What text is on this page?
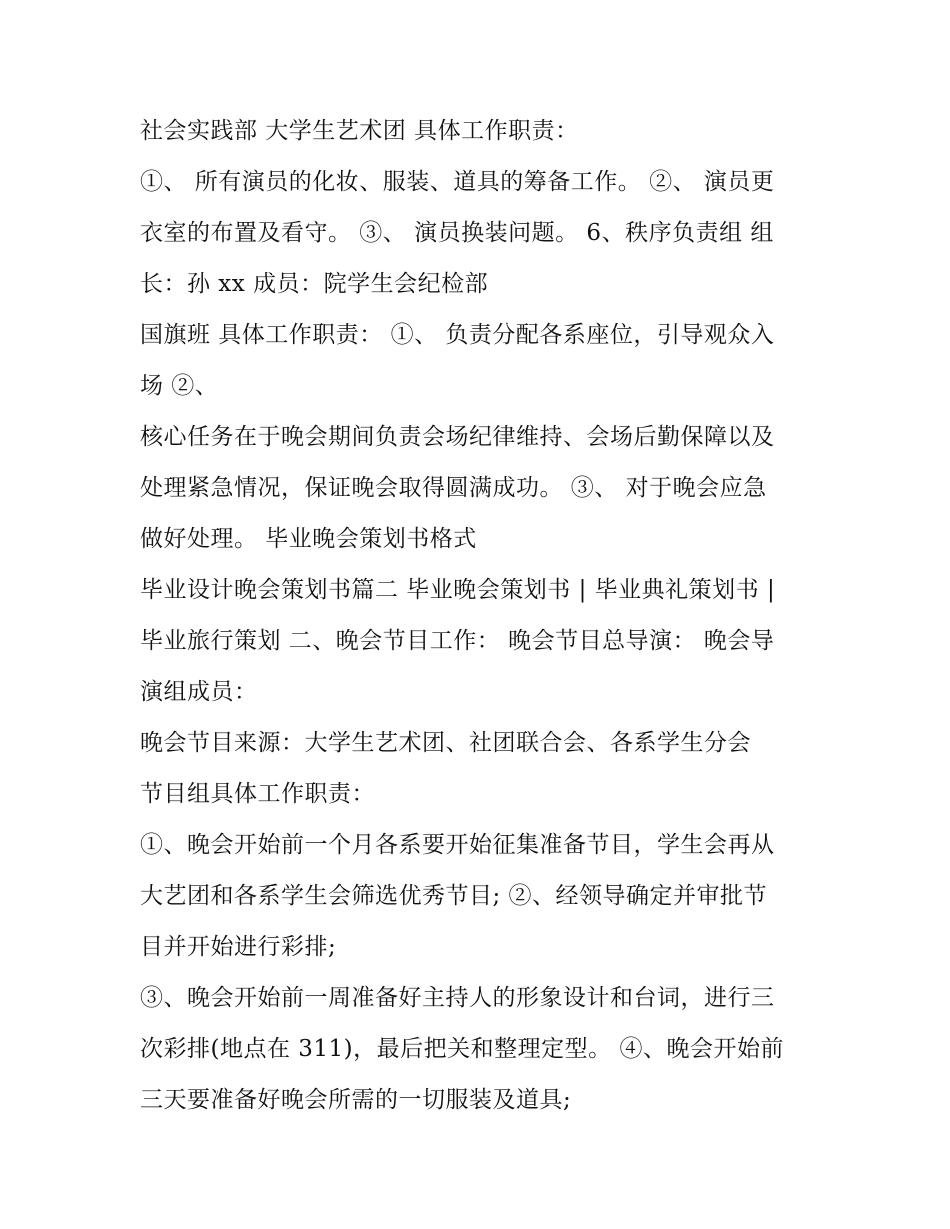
社会实践部 大学生艺术团 具体工作职责：
①、 所有演员的化妆、服装、道具的筹备工作。 ②、 演员更
衣室的布置及看守。 ③、 演员换装问题。 6、秩序负责组 组
长：孙 xx 成员：院学生会纪检部
国旗班 具体工作职责： ①、 负责分配各系座位，引导观众入
场 ②、
核心任务在于晚会期间负责会场纪律维持、会场后勤保障以及
处理紧急情况，保证晚会取得圆满成功。 ③、 对于晚会应急
做好处理。 毕业晚会策划书格式
毕业设计晚会策划书篇二 毕业晚会策划书 | 毕业典礼策划书 |
毕业旅行策划 二、晚会节目工作： 晚会节目总导演： 晚会导
演组成员：
晚会节目来源：大学生艺术团、社团联合会、各系学生分会
节目组具体工作职责：
①、晚会开始前一个月各系要开始征集准备节目，学生会再从
大艺团和各系学生会筛选优秀节目; ②、经领导确定并审批节
目并开始进行彩排;
③、晚会开始前一周准备好主持人的形象设计和台词，进行三
次彩排(地点在 311)，最后把关和整理定型。 ④、晚会开始前
三天要准备好晚会所需的一切服装及道具;
